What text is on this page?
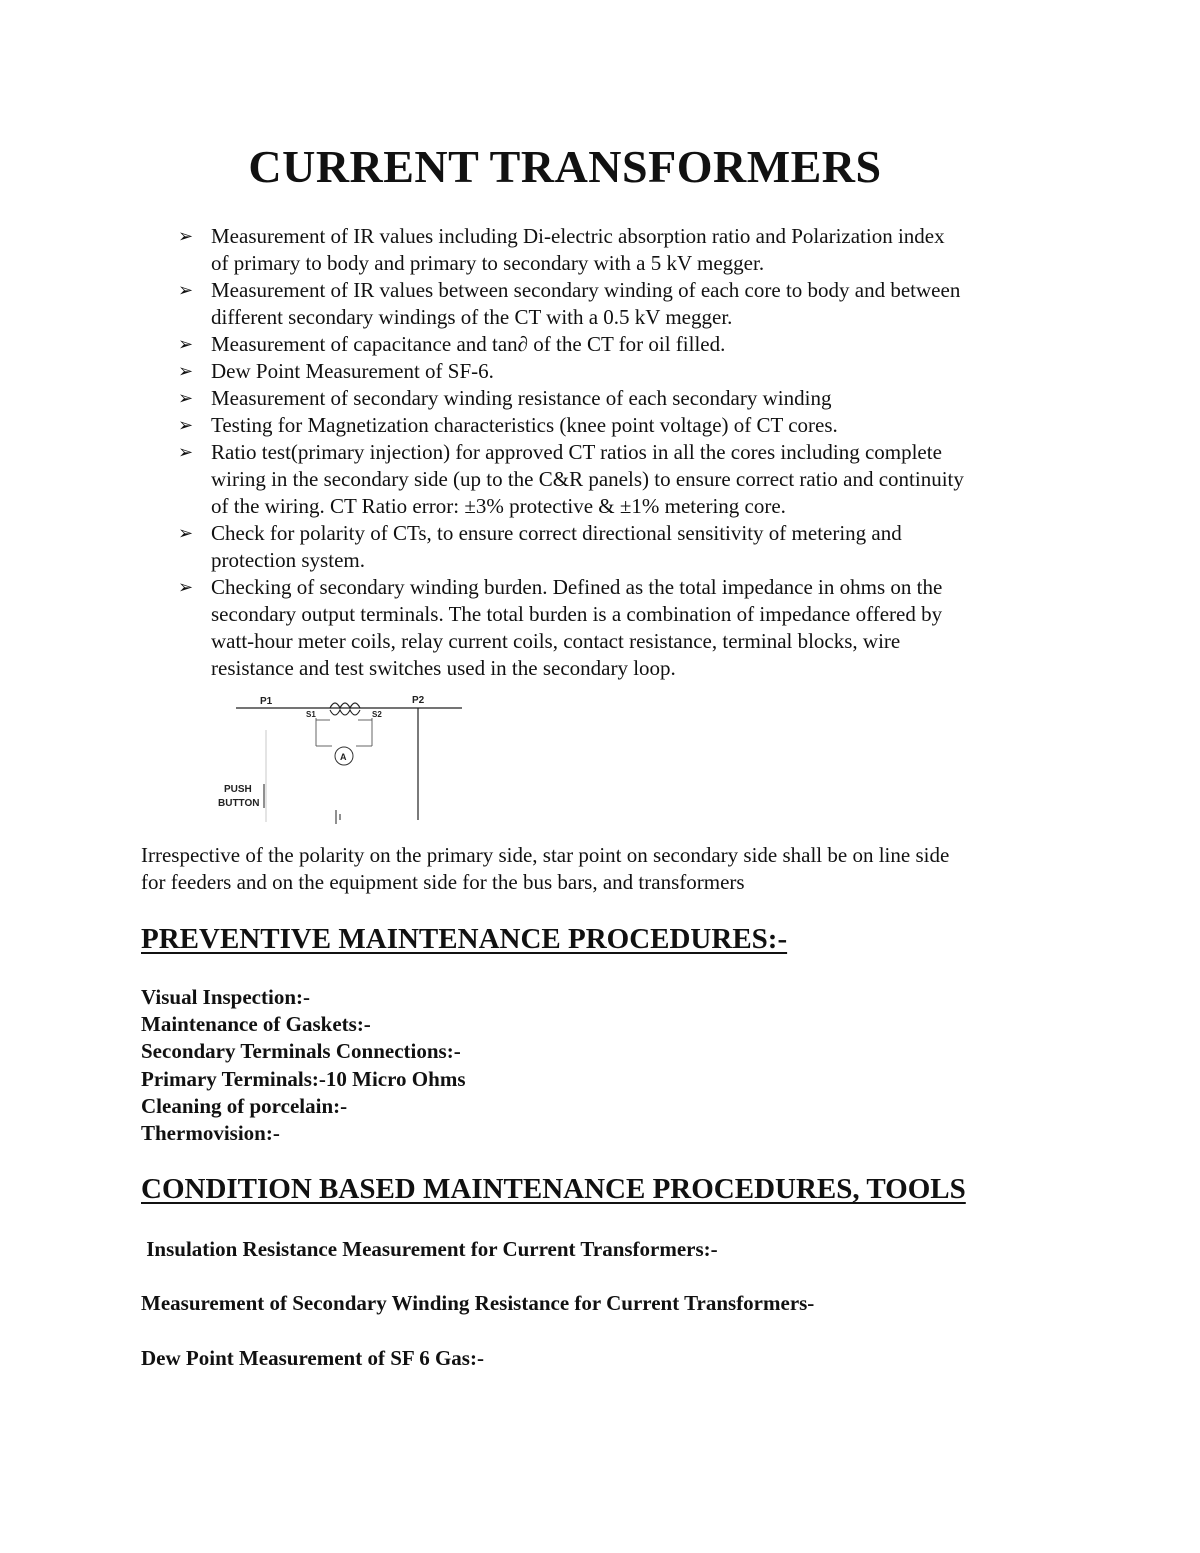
CURRENT TRANSFORMERS
➢ Measurement of IR values including Di-electric absorption ratio and Polarization index
of primary to body and primary to secondary with a 5 kV megger.
➢ Measurement of IR values between secondary winding of each core to body and between
different secondary windings of the CT with a 0.5 kV megger.
➢ Measurement of capacitance and tan∂ of the CT for oil filled.
➢ Dew Point Measurement of SF-6.
➢ Measurement of secondary winding resistance of each secondary winding
➢ Testing for Magnetization characteristics (knee point voltage) of CT cores.
➢ Ratio test(primary injection) for approved CT ratios in all the cores including complete
wiring in the secondary side (up to the C&R panels) to ensure correct ratio and continuity
of the wiring. CT Ratio error: ±3% protective & ±1% metering core.
➢ Check for polarity of CTs, to ensure correct directional sensitivity of metering and
protection system.
➢ Checking of secondary winding burden. Defined as the total impedance in ohms on the
secondary output terminals. The total burden is a combination of impedance offered by
watt-hour meter coils, relay current coils, contact resistance, terminal blocks, wire
resistance and test switches used in the secondary loop.
P1	P2
S1	S2
A
PUSH
BUTTON

Irrespective of the polarity on the primary side, star point on secondary side shall be on line side
for feeders and on the equipment side for the bus bars, and transformers

PREVENTIVE MAINTENANCE PROCEDURES:-
Visual Inspection:-
Maintenance of Gaskets:-
Secondary Terminals Connections:-
Primary Terminals:-10 Micro Ohms
Cleaning of porcelain:-
Thermovision:-
CONDITION BASED MAINTENANCE PROCEDURES, TOOLS

Insulation Resistance Measurement for Current Transformers:-

Measurement of Secondary Winding Resistance for Current Transformers-

Dew Point Measurement of SF 6 Gas:-
